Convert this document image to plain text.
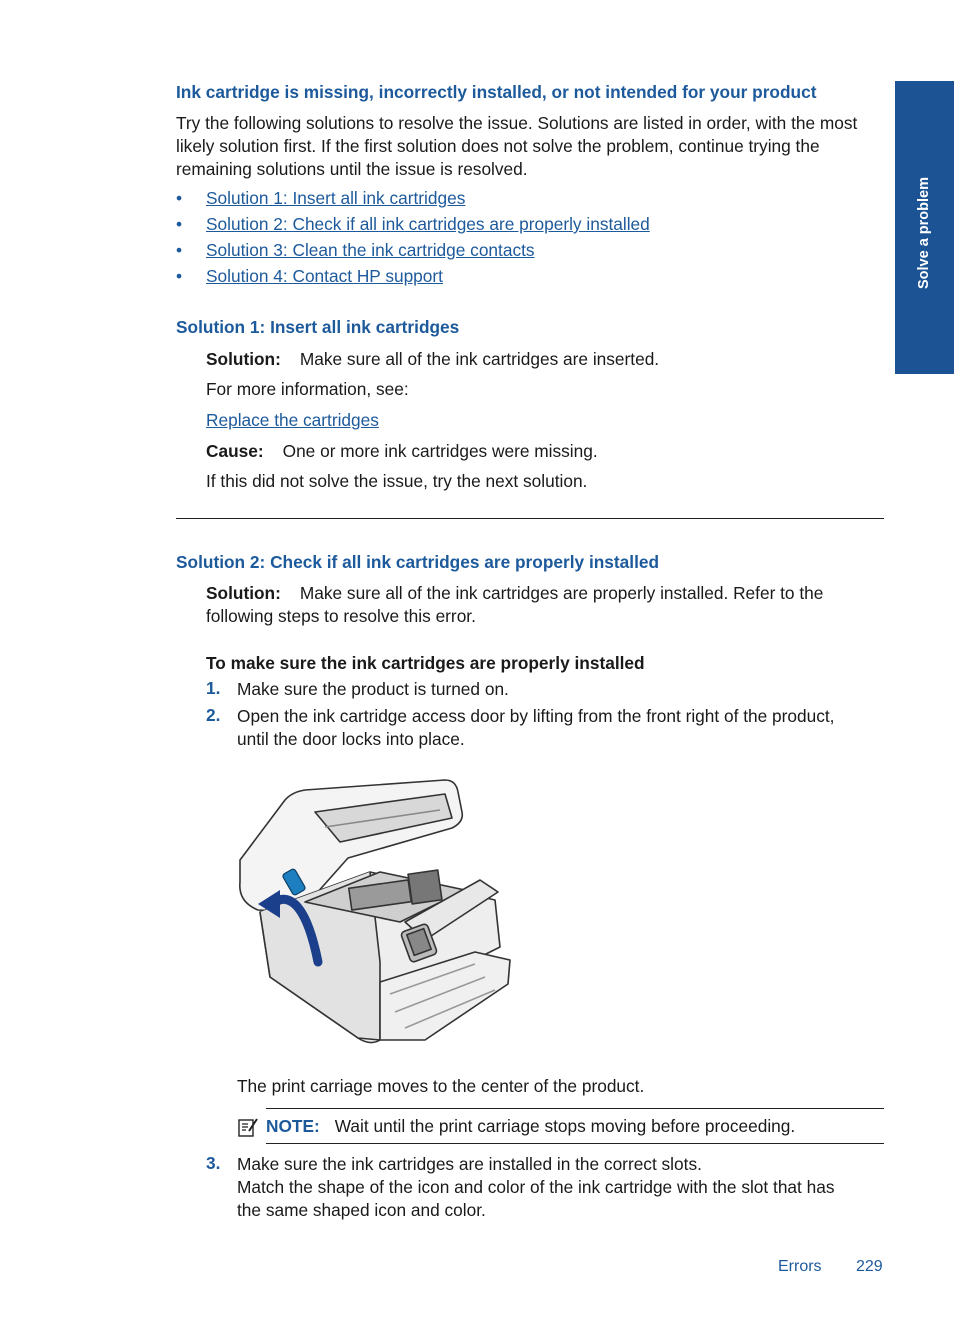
Solve a problem
Ink cartridge is missing, incorrectly installed, or not intended for your product
Try the following solutions to resolve the issue. Solutions are listed in order, with the most
likely solution first. If the first solution does not solve the problem, continue trying the
remaining solutions until the issue is resolved.
• Solution 1: Insert all ink cartridges
• Solution 2: Check if all ink cartridges are properly installed
• Solution 3: Clean the ink cartridge contacts
• Solution 4: Contact HP support
Solution 1: Insert all ink cartridges
Solution: Make sure all of the ink cartridges are inserted.
For more information, see:
Replace the cartridges
Cause: One or more ink cartridges were missing.
If this did not solve the issue, try the next solution.
Solution 2: Check if all ink cartridges are properly installed
Solution: Make sure all of the ink cartridges are properly installed. Refer to the
following steps to resolve this error.
To make sure the ink cartridges are properly installed
1. Make sure the product is turned on.
2. Open the ink cartridge access door by lifting from the front right of the product,
until the door locks into place.
The print carriage moves to the center of the product.
NOTE: Wait until the print carriage stops moving before proceeding.
3. Make sure the ink cartridges are installed in the correct slots.
Match the shape of the icon and color of the ink cartridge with the slot that has
the same shaped icon and color.
Errors 229
